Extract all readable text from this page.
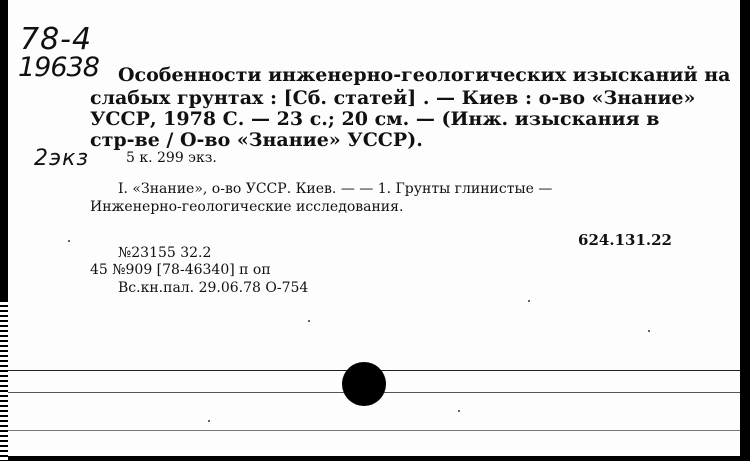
78-4
19638
2экз
Особенности инженерно-геологических изысканий на
слабых грунтах : [Сб. статей] . — Киев : о-во «Знание»
УССР, 1978 С. — 23 с.; 20 см. — (Инж. изыскания в
стр-ве / О-во «Знание» УССР).
5 к. 299 экз.
I. «Знание», о-во УССР. Киев. — — 1. Грунты глинистые —
Инженерно-геологические исследования.
624.131.22
№23155 32.2
45 №909 [78-46340] п оп
Вс.кн.пал. 29.06.78 О-754
